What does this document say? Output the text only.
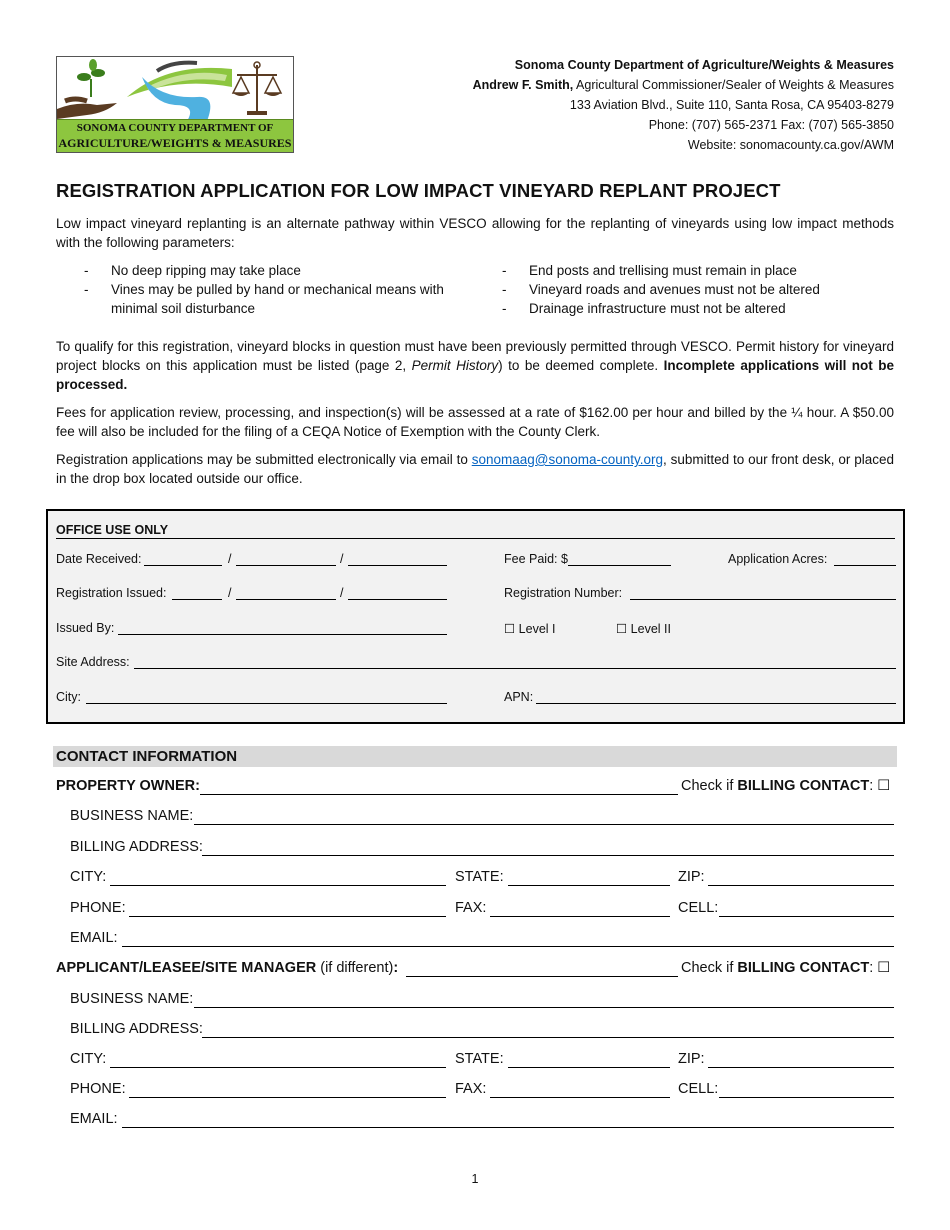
SONOMA COUNTY DEPARTMENT OF
AGRICULTURE/WEIGHTS & MEASURES
Sonoma County Department of Agriculture/Weights & Measures
Andrew F. Smith, Agricultural Commissioner/Sealer of Weights & Measures
133 Aviation Blvd., Suite 110, Santa Rosa, CA 95403-8279
Phone: (707) 565-2371 Fax: (707) 565-3850
Website: sonomacounty.ca.gov/AWM
REGISTRATION APPLICATION FOR LOW IMPACT VINEYARD REPLANT PROJECT
Low impact vineyard replanting is an alternate pathway within VESCO allowing for the replanting of vineyards using low impact methods with the following parameters:
- No deep ripping may take place
- Vines may be pulled by hand or mechanical means with minimal soil disturbance
- End posts and trellising must remain in place
- Vineyard roads and avenues must not be altered
- Drainage infrastructure must not be altered
To qualify for this registration, vineyard blocks in question must have been previously permitted through VESCO. Permit history for vineyard project blocks on this application must be listed (page 2, Permit History) to be deemed complete. Incomplete applications will not be processed.
Fees for application review, processing, and inspection(s) will be assessed at a rate of $162.00 per hour and billed by the ¼ hour. A $50.00 fee will also be included for the filing of a CEQA Notice of Exemption with the County Clerk.
Registration applications may be submitted electronically via email to sonomaag@sonoma-county.org, submitted to our front desk, or placed in the drop box located outside our office.
OFFICE USE ONLY
Date Received:	/	/	Fee Paid: $	Application Acres:
Registration Issued:	/	/	Registration Number:
Issued By:	☐ Level I	☐ Level II
Site Address:
City:	APN:
CONTACT INFORMATION
PROPERTY OWNER:	Check if BILLING CONTACT: ☐
BUSINESS NAME:
BILLING ADDRESS:
CITY:	STATE:	ZIP:
PHONE:	FAX:	CELL:
EMAIL:
APPLICANT/LEASEE/SITE MANAGER (if different):	Check if BILLING CONTACT: ☐
BUSINESS NAME:
BILLING ADDRESS:
CITY:	STATE:	ZIP:
PHONE:	FAX:	CELL:
EMAIL:
1
